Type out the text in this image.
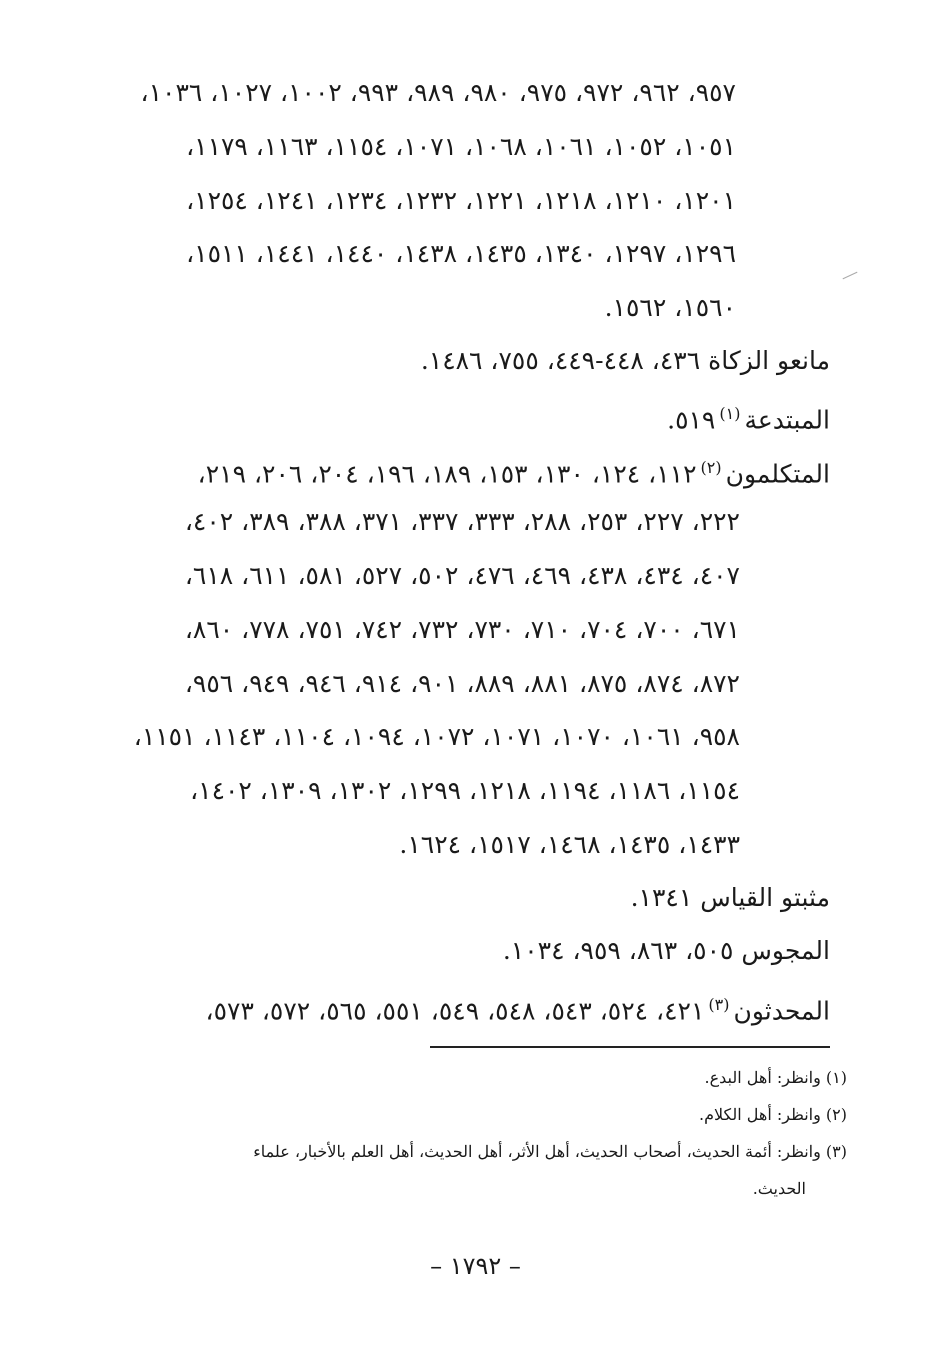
٩٥٧، ٩٦٢، ٩٧٢، ٩٧٥، ٩٨٠، ٩٨٩، ٩٩٣، ١٠٠٢، ١٠٢٧، ١٠٣٦،
١٠٥١، ١٠٥٢، ١٠٦١، ١٠٦٨، ١٠٧١، ١١٥٤، ١١٦٣، ١١٧٩،
١٢٠١، ١٢١٠، ١٢١٨، ١٢٢١، ١٢٣٢، ١٢٣٤، ١٢٤١، ١٢٥٤،
١٢٩٦، ١٢٩٧، ١٣٤٠، ١٤٣٥، ١٤٣٨، ١٤٤٠، ١٤٤١، ١٥١١،
١٥٦٠، ١٥٦٢.
مانعو الزكاة ٤٣٦، ٤٤٨-٤٤٩، ٧٥٥، ١٤٨٦.
المبتدعة$^{(١)}$٥١٩.
المتكلمون$^{(٢)}$١١٢، ١٢٤، ١٣٠، ١٥٣، ١٨٩، ١٩٦، ٢٠٤، ٢٠٦، ٢١٩،
٢٢٢، ٢٢٧، ٢٥٣، ٢٨٨، ٣٣٣، ٣٣٧، ٣٧١، ٣٨٨، ٣٨٩، ٤٠٢،
٤٠٧، ٤٣٤، ٤٣٨، ٤٦٩، ٤٧٦، ٥٠٢، ٥٢٧، ٥٨١، ٦١١، ٦١٨،
٦٧١، ٧٠٠، ٧٠٤، ٧١٠، ٧٣٠، ٧٣٢، ٧٤٢، ٧٥١، ٧٧٨، ٨٦٠،
٨٧٢، ٨٧٤، ٨٧٥، ٨٨١، ٨٨٩، ٩٠١، ٩١٤، ٩٤٦، ٩٤٩، ٩٥٦،
٩٥٨، ١٠٦١، ١٠٧٠، ١٠٧١، ١٠٧٢، ١٠٩٤، ١١٠٤، ١١٤٣، ١١٥١،
١١٥٤، ١١٨٦، ١١٩٤، ١٢١٨، ١٢٩٩، ١٣٠٢، ١٣٠٩، ١٤٠٢،
١٤٣٣، ١٤٣٥، ١٤٦٨، ١٥١٧، ١٦٢٤.
مثبتو القياس ١٣٤١.
المجوس ٥٠٥، ٨٦٣، ٩٥٩، ١٠٣٤.
المحدثون$^{(٣)}$٤٢١، ٥٢٤، ٥٤٣، ٥٤٨، ٥٤٩، ٥٥١، ٥٦٥، ٥٧٢، ٥٧٣،
(١) وانظر: أهل البدع.
(٢) وانظر: أهل الكلام.
(٣) وانظر: أئمة الحديث، أصحاب الحديث، أهل الأثر، أهل الحديث، أهل العلم بالأخبار، علماء
الحديث.
– ١٧٩٢ –
